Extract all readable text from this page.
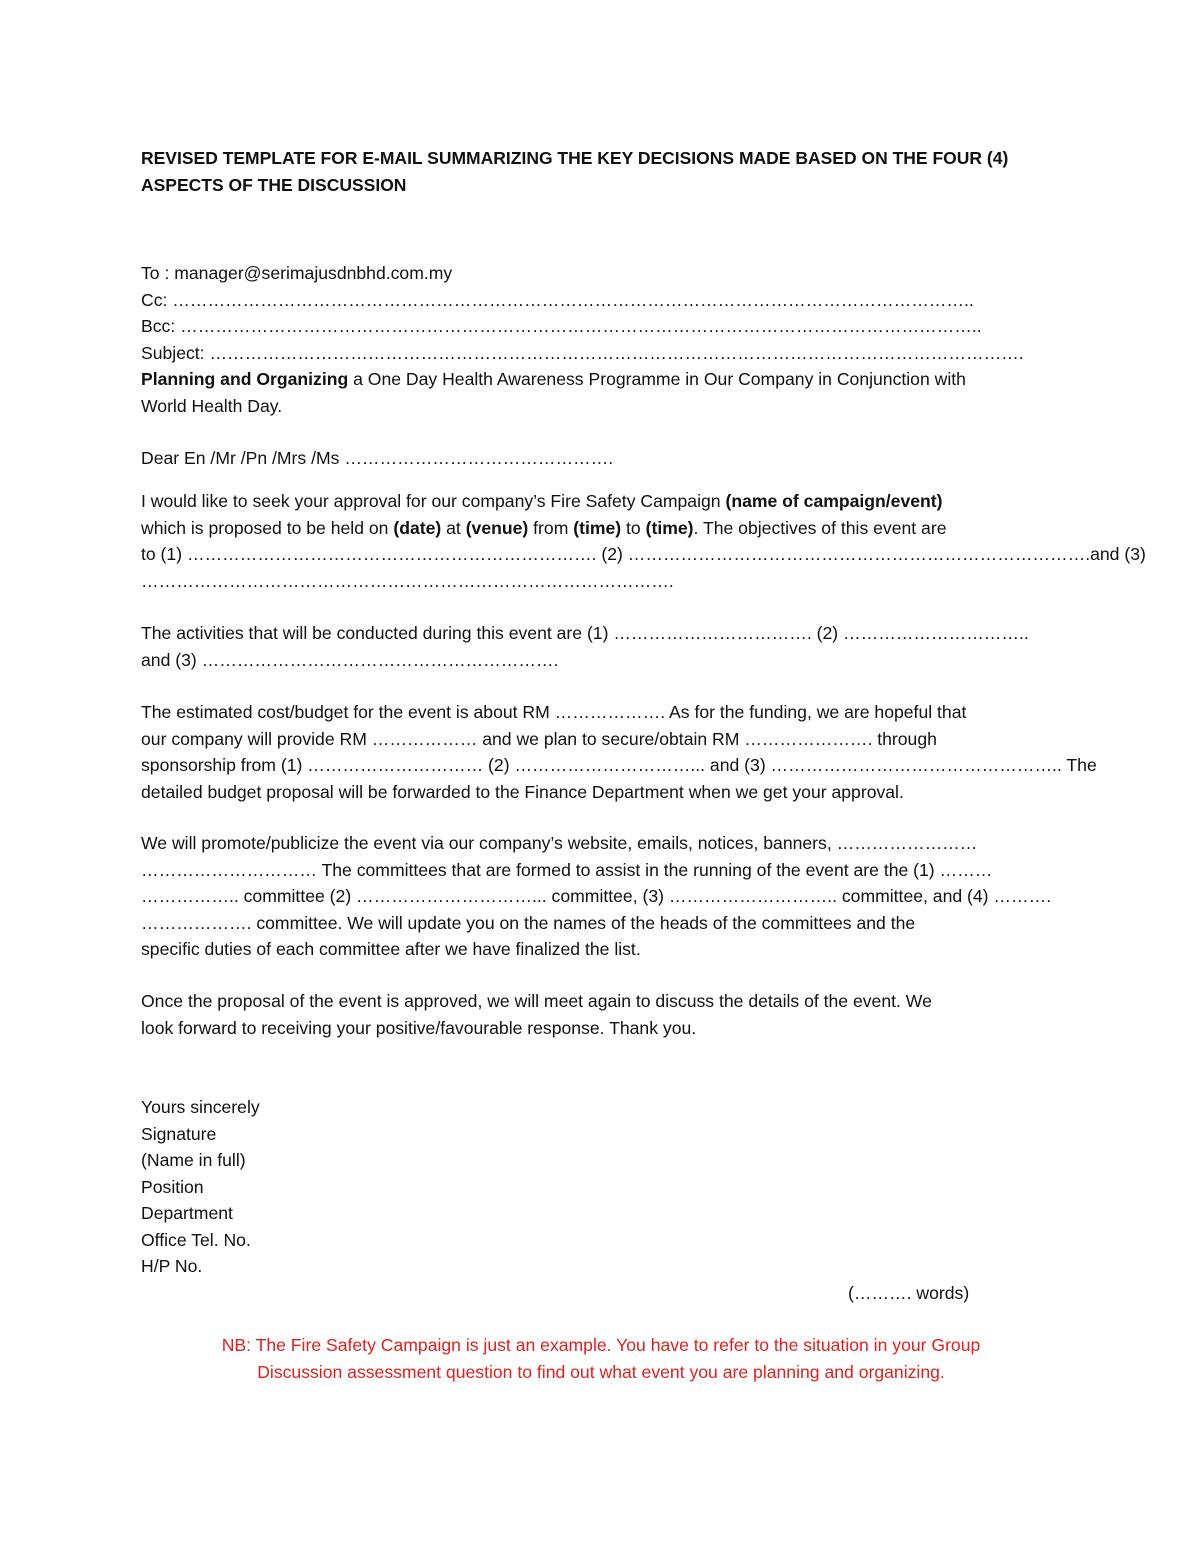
REVISED TEMPLATE FOR E-MAIL SUMMARIZING THE KEY DECISIONS MADE BASED ON THE FOUR (4)
ASPECTS OF THE DISCUSSION
To : manager@serimajusdnbhd.com.my
Cc: ………………………………………………………………………………………………………………………..
Bcc: ………………………………………………………………………………………………………………………..
Subject: ………………………………………………………………………………………………………………………….
Planning and Organizing a One Day Health Awareness Programme in Our Company in Conjunction with
World Health Day.
Dear En /Mr /Pn /Mrs /Ms ……………………………………….
I would like to seek your approval for our company’s Fire Safety Campaign (name of campaign/event)
which is proposed to be held on (date) at (venue) from (time) to (time). The objectives of this event are
to (1) ……………………………………………………………. (2) …………………………………………………………………….and (3)
……………………………………………………………………………….
The activities that will be conducted during this event are (1) ……………………………. (2) …………………………..
and (3) …………………………………………………….
The estimated cost/budget for the event is about RM ………………. As for the funding, we are hopeful that
our company will provide RM ……………… and we plan to secure/obtain RM …………………. through
sponsorship from (1) ………………………… (2) …………………………... and (3) ………………………………………….. The
detailed budget proposal will be forwarded to the Finance Department when we get your approval.
We will promote/publicize the event via our company’s website, emails, notices, banners, ……………………
………………………… The committees that are formed to assist in the running of the event are the (1) ………
…………….. committee (2) …………………………... committee, (3) ……………………….. committee, and (4) ……….
………………. committee. We will update you on the names of the heads of the committees and the
specific duties of each committee after we have finalized the list.
Once the proposal of the event is approved, we will meet again to discuss the details of the event. We
look forward to receiving your positive/favourable response. Thank you.
Yours sincerely
Signature
(Name in full)
Position
Department
Office Tel. No.
H/P No.
(………. words)
NB: The Fire Safety Campaign is just an example. You have to refer to the situation in your Group
Discussion assessment question to find out what event you are planning and organizing.
